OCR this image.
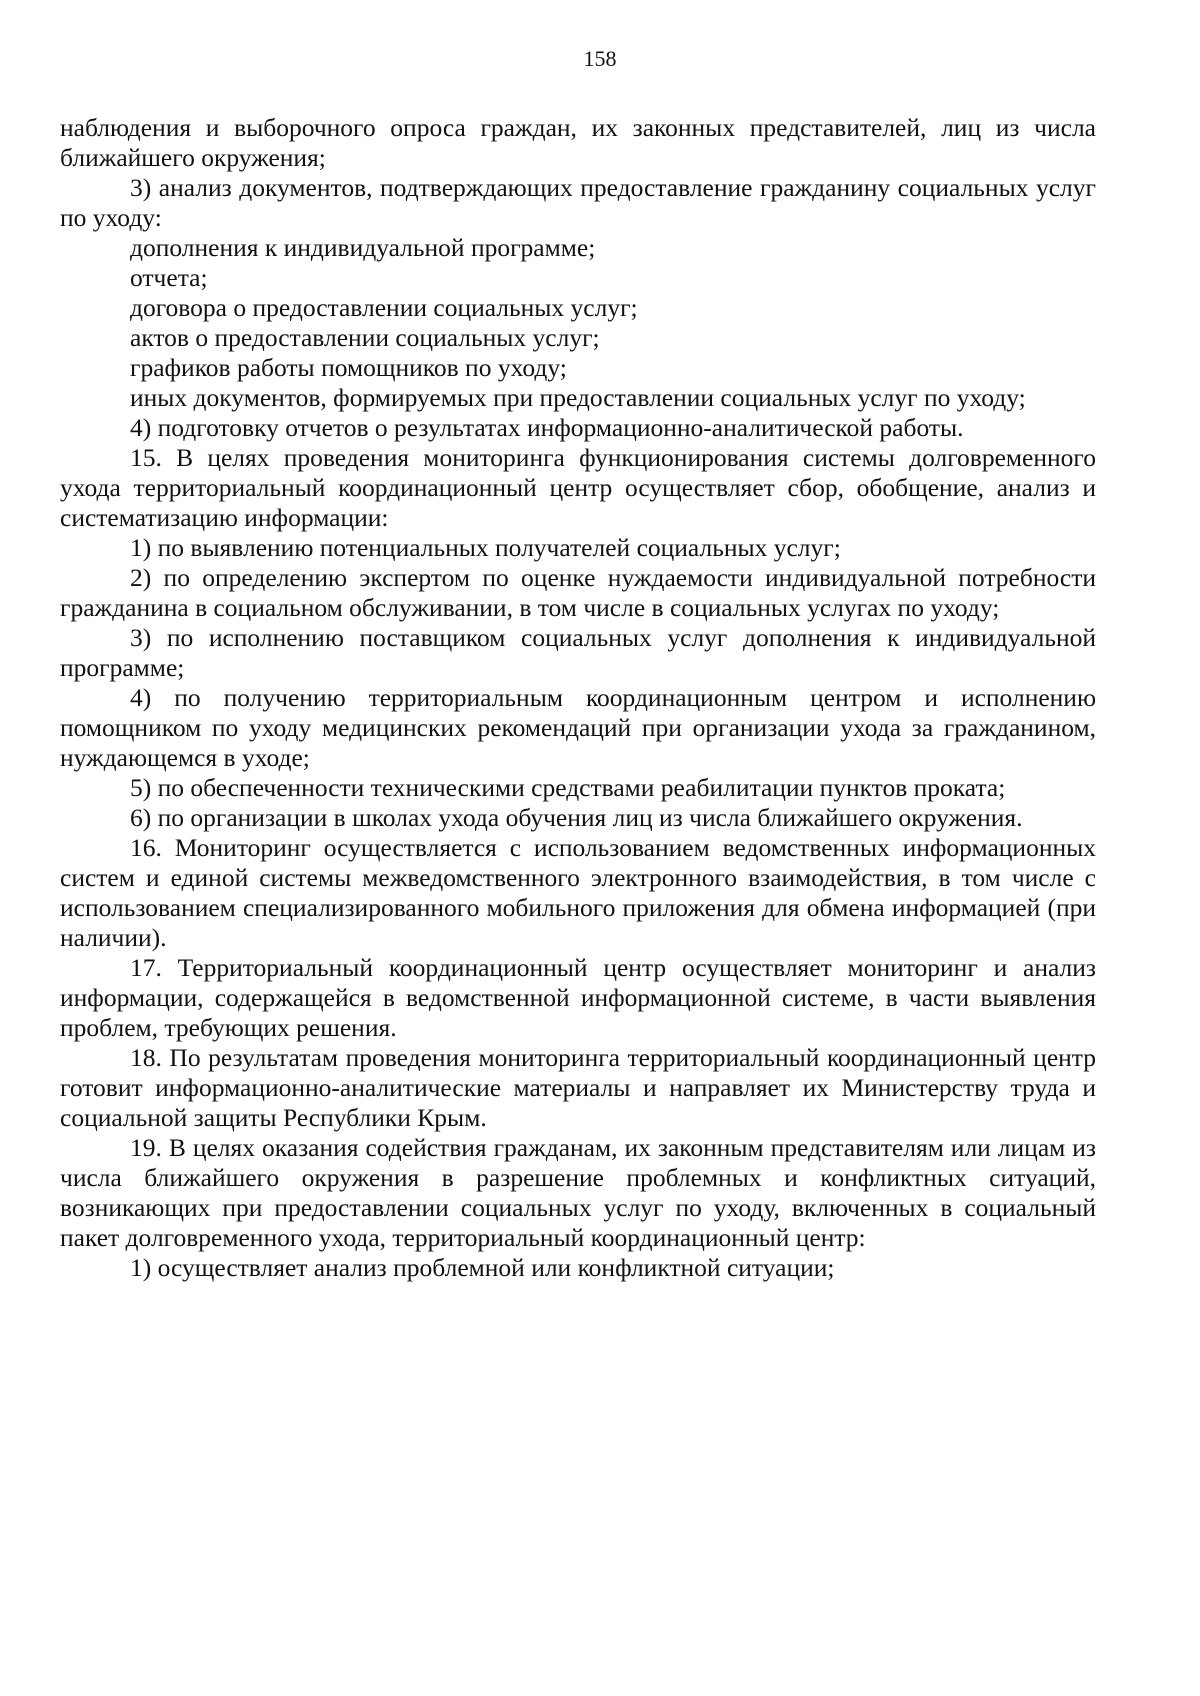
158

наблюдения и выборочного опроса граждан, их законных представителей, лиц из числа ближайшего окружения;

3) анализ документов, подтверждающих предоставление гражданину социальных услуг по уходу:

дополнения к индивидуальной программе;

отчета;

договора о предоставлении социальных услуг;

актов о предоставлении социальных услуг;

графиков работы помощников по уходу;

иных документов, формируемых при предоставлении социальных услуг по уходу;

4) подготовку отчетов о результатах информационно-аналитической работы.

15. В целях проведения мониторинга функционирования системы долговременного ухода территориальный координационный центр осуществляет сбор, обобщение, анализ и систематизацию информации:

1) по выявлению потенциальных получателей социальных услуг;

2) по определению экспертом по оценке нуждаемости индивидуальной потребности гражданина в социальном обслуживании, в том числе в социальных услугах по уходу;

3) по исполнению поставщиком социальных услуг дополнения к индивидуальной программе;

4) по получению территориальным координационным центром и исполнению помощником по уходу медицинских рекомендаций при организации ухода за гражданином, нуждающемся в уходе;

5) по обеспеченности техническими средствами реабилитации пунктов проката;

6) по организации в школах ухода обучения лиц из числа ближайшего окружения.

16. Мониторинг осуществляется с использованием ведомственных информационных систем и единой системы межведомственного электронного взаимодействия, в том числе с использованием специализированного мобильного приложения для обмена информацией (при наличии).

17. Территориальный координационный центр осуществляет мониторинг и анализ информации, содержащейся в ведомственной информационной системе, в части выявления проблем, требующих решения.

18. По результатам проведения мониторинга территориальный координационный центр готовит информационно-аналитические материалы и направляет их Министерству труда и социальной защиты Республики Крым.

19. В целях оказания содействия гражданам, их законным представителям или лицам из числа ближайшего окружения в разрешение проблемных и конфликтных ситуаций, возникающих при предоставлении социальных услуг по уходу, включенных в социальный пакет долговременного ухода, территориальный координационный центр:

1) осуществляет анализ проблемной или конфликтной ситуации;
